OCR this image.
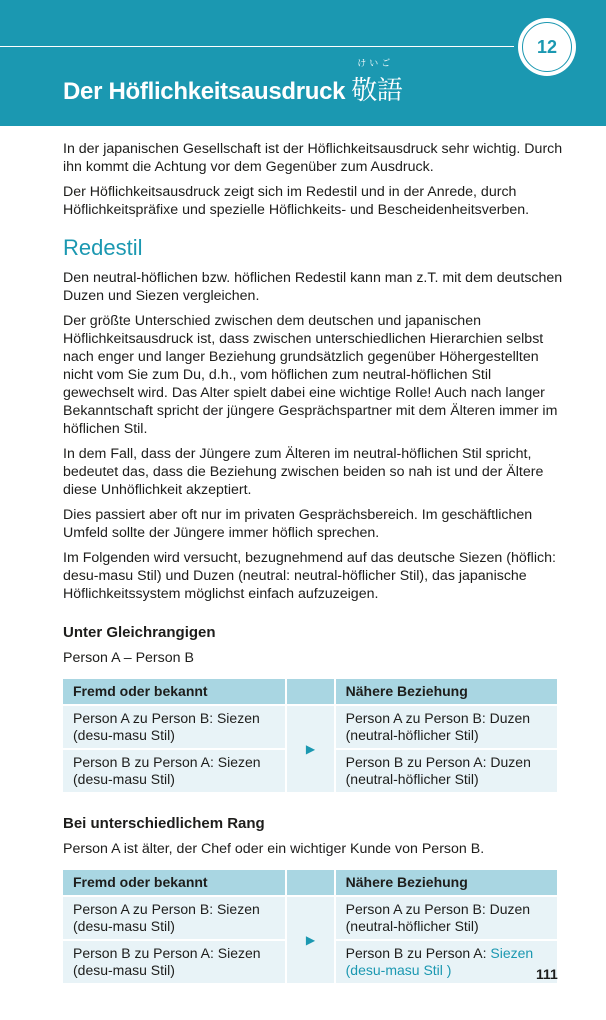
12
Der Höflichkeitsausdruck
けいご
敬語

In der japanischen Gesellschaft ist der Höflichkeitsausdruck sehr wichtig. Durch ihn kommt die Achtung vor dem Gegenüber zum Ausdruck.

Der Höflichkeitsausdruck zeigt sich im Redestil und in der Anrede, durch Höflichkeitspräfixe und spezielle Höflichkeits- und Bescheidenheitsverben.

Redestil

Den neutral-höflichen bzw. höflichen Redestil kann man z.T. mit dem deutschen Duzen und Siezen vergleichen.

Der größte Unterschied zwischen dem deutschen und japanischen Höflichkeitsausdruck ist, dass zwischen unterschiedlichen Hierarchien selbst nach enger und langer Beziehung grundsätzlich gegenüber Höhergestellten nicht vom Sie zum Du, d.h., vom höflichen zum neutral-höflichen Stil gewechselt wird. Das Alter spielt dabei eine wichtige Rolle! Auch nach langer Bekanntschaft spricht der jüngere Gesprächspartner mit dem Älteren immer im höflichen Stil.

In dem Fall, dass der Jüngere zum Älteren im neutral-höflichen Stil spricht, bedeutet das, dass die Beziehung zwischen beiden so nah ist und der Ältere diese Unhöflichkeit akzeptiert.

Dies passiert aber oft nur im privaten Gesprächsbereich. Im geschäftlichen Umfeld sollte der Jüngere immer höflich sprechen.

Im Folgenden wird versucht, bezugnehmend auf das deutsche Siezen (höflich: desu-masu Stil) und Duzen (neutral: neutral-höflicher Stil), das japanische Höflichkeitssystem möglichst einfach aufzuzeigen.

Unter Gleichrangigen

Person A – Person B

Fremd oder bekannt		Nähere Beziehung
Person A zu Person B: Siezen (desu-masu Stil)	▶	Person A zu Person B: Duzen (neutral-höflicher Stil)
Person B zu Person A: Siezen (desu-masu Stil)		Person B zu Person A: Duzen (neutral-höflicher Stil)
Bei unterschiedlichem Rang

Person A ist älter, der Chef oder ein wichtiger Kunde von Person B.

Fremd oder bekannt		Nähere Beziehung
Person A zu Person B: Siezen (desu-masu Stil)	▶	Person A zu Person B: Duzen (neutral-höflicher Stil)
Person B zu Person A: Siezen (desu-masu Stil)		Person B zu Person A: Siezen (desu-masu Stil )	111
